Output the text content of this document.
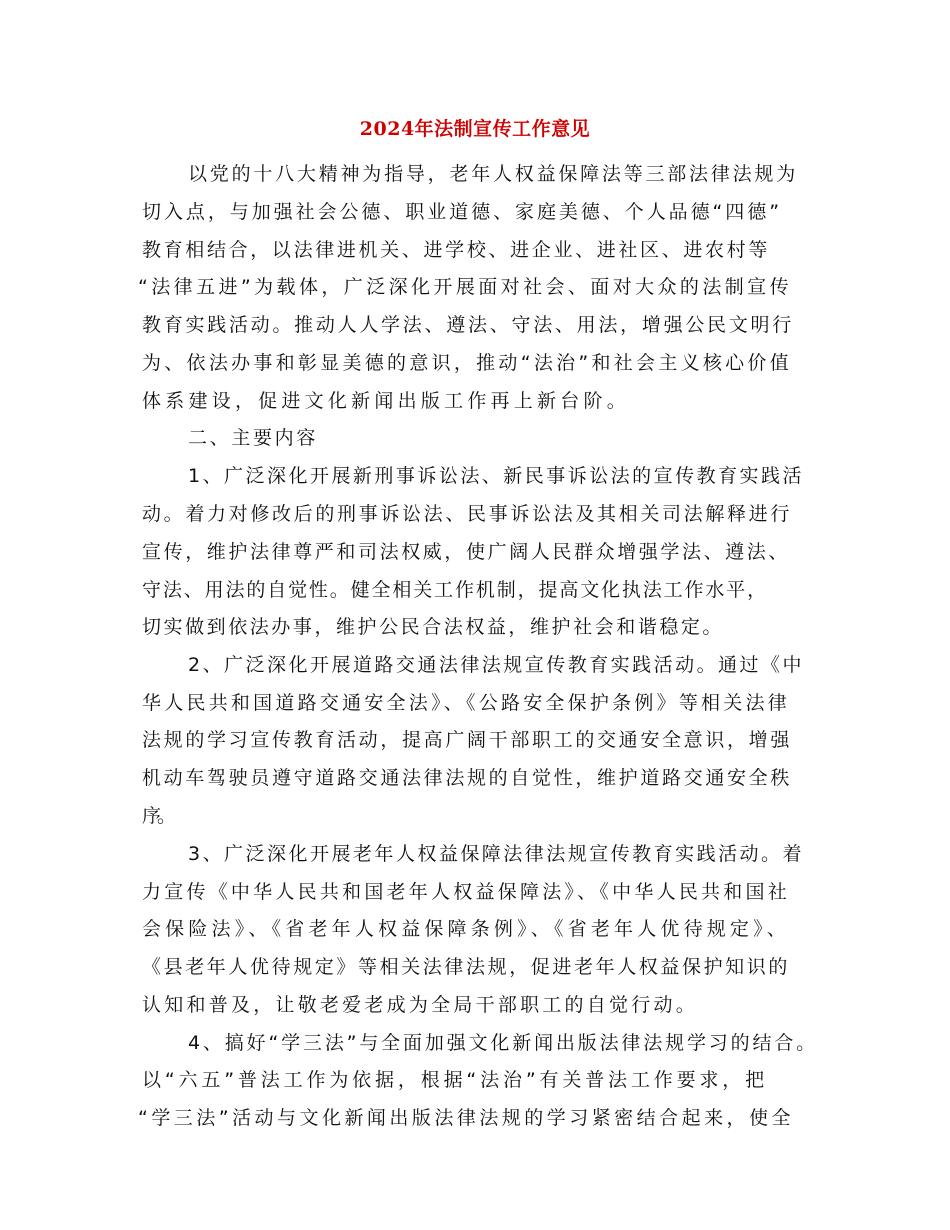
2024年法制宣传工作意见
以党的十八大精神为指导，老年人权益保障法等三部法律法规为
切入点，与加强社会公德、职业道德、家庭美德、个人品德“四德”
教育相结合，以法律进机关、进学校、进企业、进社区、进农村等
“法律五进”为载体，广泛深化开展面对社会、面对大众的法制宣传
教育实践活动。推动人人学法、遵法、守法、用法，增强公民文明行
为、依法办事和彰显美德的意识，推动“法治”和社会主义核心价值
体系建设，促进文化新闻出版工作再上新台阶。
二、主要内容
1、广泛深化开展新刑事诉讼法、新民事诉讼法的宣传教育实践活
动。着力对修改后的刑事诉讼法、民事诉讼法及其相关司法解释进行
宣传，维护法律尊严和司法权威，使广阔人民群众增强学法、遵法、
守法、用法的自觉性。健全相关工作机制，提高文化执法工作水平，
切实做到依法办事，维护公民合法权益，维护社会和谐稳定。
2、广泛深化开展道路交通法律法规宣传教育实践活动。通过《中
华人民共和国道路交通安全法》、《公路安全保护条例》等相关法律
法规的学习宣传教育活动，提高广阔干部职工的交通安全意识，增强
机动车驾驶员遵守道路交通法律法规的自觉性，维护道路交通安全秩
序。
3、广泛深化开展老年人权益保障法律法规宣传教育实践活动。着
力宣传《中华人民共和国老年人权益保障法》、《中华人民共和国社
会保险法》、《省老年人权益保障条例》、《省老年人优待规定》、
《县老年人优待规定》等相关法律法规，促进老年人权益保护知识的
认知和普及，让敬老爱老成为全局干部职工的自觉行动。
4、搞好“学三法”与全面加强文化新闻出版法律法规学习的结合。
以“六五”普法工作为依据，根据“法治”有关普法工作要求，把
“学三法”活动与文化新闻出版法律法规的学习紧密结合起来，使全
